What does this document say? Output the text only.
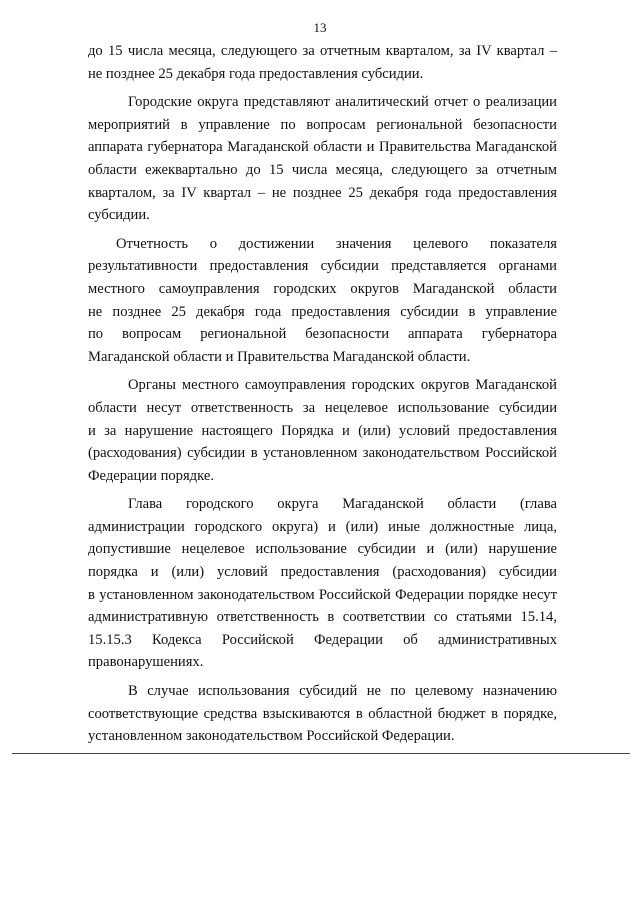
13

до 15 числа месяца, следующего за отчетным кварталом, за IV квартал –
не позднее 25 декабря года предоставления субсидии.

Городские округа представляют аналитический отчет о реализации
мероприятий в управление по вопросам региональной безопасности
аппарата губернатора Магаданской области и Правительства Магаданской
области ежеквартально до 15 числа месяца, следующего за отчетным
кварталом, за IV квартал – не позднее 25 декабря года предоставления
субсидии.

Отчетность о достижении значения целевого показателя
результативности предоставления субсидии представляется органами
местного самоуправления городских округов Магаданской области
не позднее 25 декабря года предоставления субсидии в управление
по вопросам региональной безопасности аппарата губернатора
Магаданской области и Правительства Магаданской области.

Органы местного самоуправления городских округов Магаданской
области несут ответственность за нецелевое использование субсидии
и за нарушение настоящего Порядка и (или) условий предоставления
(расходования) субсидии в установленном законодательством Российской
Федерации порядке.

Глава городского округа Магаданской области (глава
администрации городского округа) и (или) иные должностные лица,
допустившие нецелевое использование субсидии и (или) нарушение
порядка и (или) условий предоставления (расходования) субсидии
в установленном законодательством Российской Федерации порядке несут
административную ответственность в соответствии со статьями 15.14,
15.15.3 Кодекса Российской Федерации об административных
правонарушениях.

В случае использования субсидий не по целевому назначению
соответствующие средства взыскиваются в областной бюджет в порядке,
установленном законодательством Российской Федерации.
